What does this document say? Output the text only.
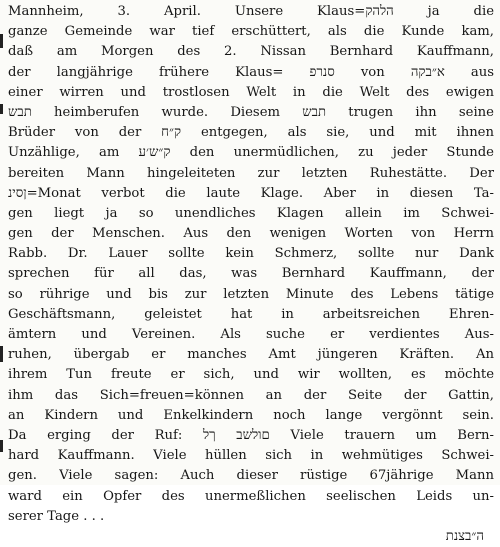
Mannheim, 3. April. Unsere Klaus=הלהק ja die
ganze Gemeinde war tief erschüttert, als die Kunde kam,
daß am Morgen des 2. Nissan Bernhard Kauffmann,
der langjährige frühere Klaus= סנרפ von א״בקה aus
einer wirren und trostlosen Welt in die Welt des ewigen
תבש heimberufen wurde. Diesem תבש trugen ihn seine
Brüder von der ק״ח entgegen, als sie, und mit ihnen
Unzählige, am ק״ש׳ע den unermüdlichen, zu jeder Stunde
bereiten Mann hingeleiteten zur letzten Ruhestätte. Der
ןסינ=Monat verbot die laute Klage. Aber in diesen Ta-
gen liegt ja so unendliches Klagen allein im Schwei-
gen der Menschen. Aus den wenigen Worten von Herrn
Rabb. Dr. Lauer sollte kein Schmerz, sollte nur Dank
sprechen für all das, was Bernhard Kauffmann, der
so rührige und bis zur letzten Minute des Lebens tätige
Geschäftsmann, geleistet hat in arbeitsreichen Ehren-
ämtern und Vereinen. Als suche er verdientes Aus-
ruhen, übergab er manches Amt jüngeren Kräften. An
ihrem Tun freute er sich, und wir wollten, es möchte
ihm das Sich=freuen=können an der Seite der Gattin,
an Kindern und Enkelkindern noch lange vergönnt sein.
Da erging der Ruf: םולשב ךל Viele trauern um Bern-
hard Kauffmann. Viele hüllen sich in wehmütiges Schwei-
gen. Viele sagen: Auch dieser rüstige 67jährige Mann
ward ein Opfer des unermeßlichen seelischen Leids un-
serer Tage . . .
ה״בצנת
